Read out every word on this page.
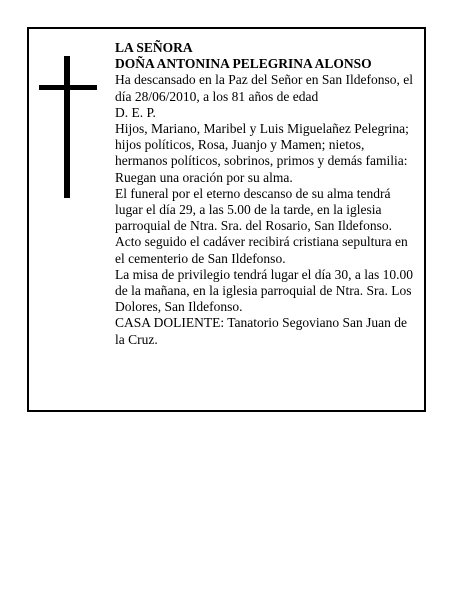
LA SEÑORA

DOÑA ANTONINA PELEGRINA ALONSO

Ha descansado en la Paz del Señor en San Ildefonso, el día 28/06/2010, a los 81 años de edad

D. E. P.

Hijos, Mariano, Maribel y Luis Miguelañez Pelegrina; hijos políticos, Rosa, Juanjo y Mamen; nietos, hermanos políticos, sobrinos, primos y demás familia:

Ruegan una oración por su alma.

El funeral por el eterno descanso de su alma tendrá lugar el día 29, a las 5.00 de la tarde, en la iglesia parroquial de Ntra. Sra. del Rosario, San Ildefonso.

Acto seguido el cadáver recibirá cristiana sepultura en el cementerio de San Ildefonso.

La misa de privilegio tendrá lugar el día 30, a las 10.00 de la mañana, en la iglesia parroquial de Ntra. Sra. Los Dolores, San Ildefonso.

CASA DOLIENTE: Tanatorio Segoviano San Juan de la Cruz.
